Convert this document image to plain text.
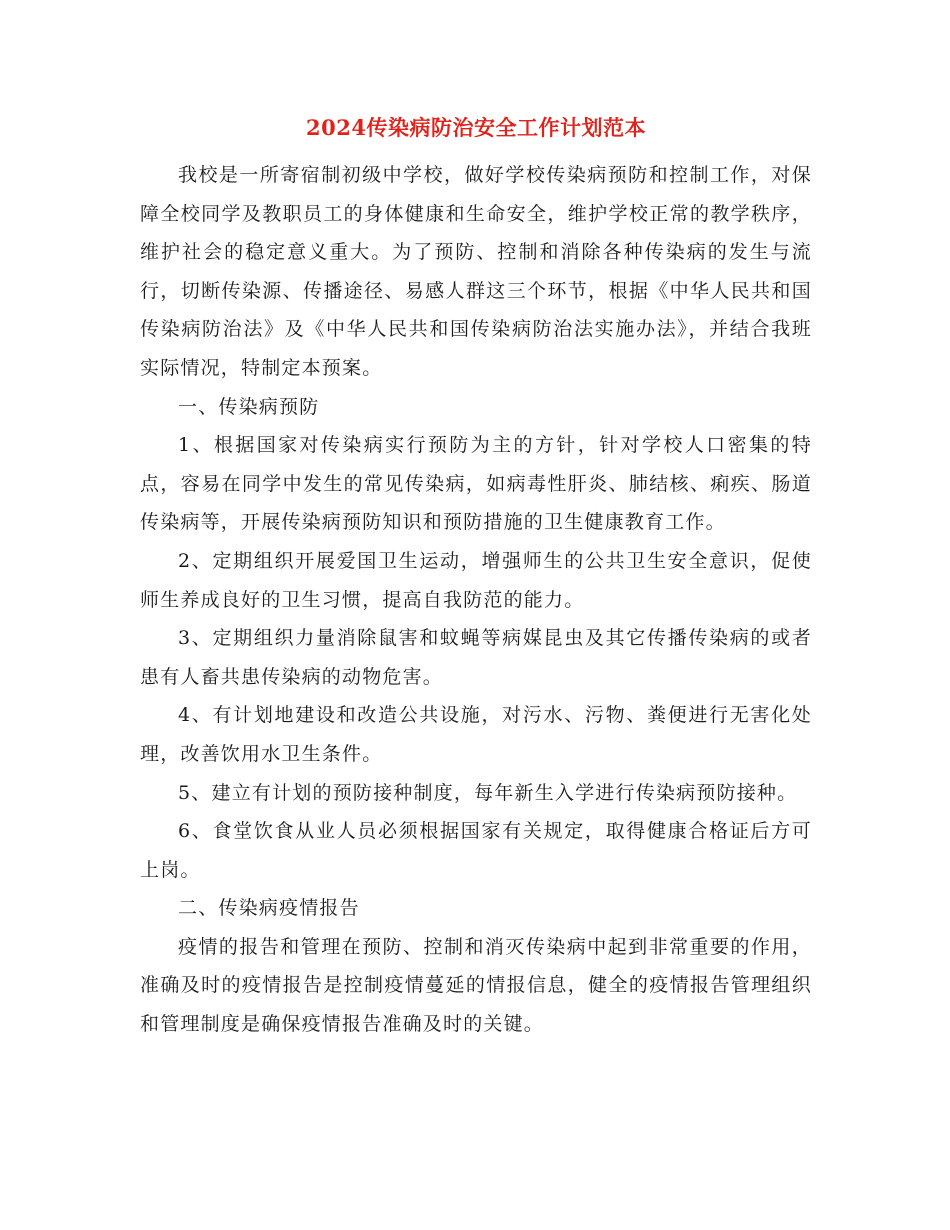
2024传染病防治安全工作计划范本

我校是一所寄宿制初级中学校，做好学校传染病预防和控制工作，对保障全校同学及教职员工的身体健康和生命安全，维护学校正常的教学秩序，维护社会的稳定意义重大。为了预防、控制和消除各种传染病的发生与流行，切断传染源、传播途径、易感人群这三个环节，根据《中华人民共和国传染病防治法》及《中华人民共和国传染病防治法实施办法》，并结合我班实际情况，特制定本预案。

一、传染病预防

1、根据国家对传染病实行预防为主的方针，针对学校人口密集的特点，容易在同学中发生的常见传染病，如病毒性肝炎、肺结核、痢疾、肠道传染病等，开展传染病预防知识和预防措施的卫生健康教育工作。

2、定期组织开展爱国卫生运动，增强师生的公共卫生安全意识，促使师生养成良好的卫生习惯，提高自我防范的能力。

3、定期组织力量消除鼠害和蚊蝇等病媒昆虫及其它传播传染病的或者患有人畜共患传染病的动物危害。

4、有计划地建设和改造公共设施，对污水、污物、粪便进行无害化处理，改善饮用水卫生条件。

5、建立有计划的预防接种制度，每年新生入学进行传染病预防接种。

6、食堂饮食从业人员必须根据国家有关规定，取得健康合格证后方可上岗。

二、传染病疫情报告

疫情的报告和管理在预防、控制和消灭传染病中起到非常重要的作用，准确及时的疫情报告是控制疫情蔓延的情报信息，健全的疫情报告管理组织和管理制度是确保疫情报告准确及时的关键。
